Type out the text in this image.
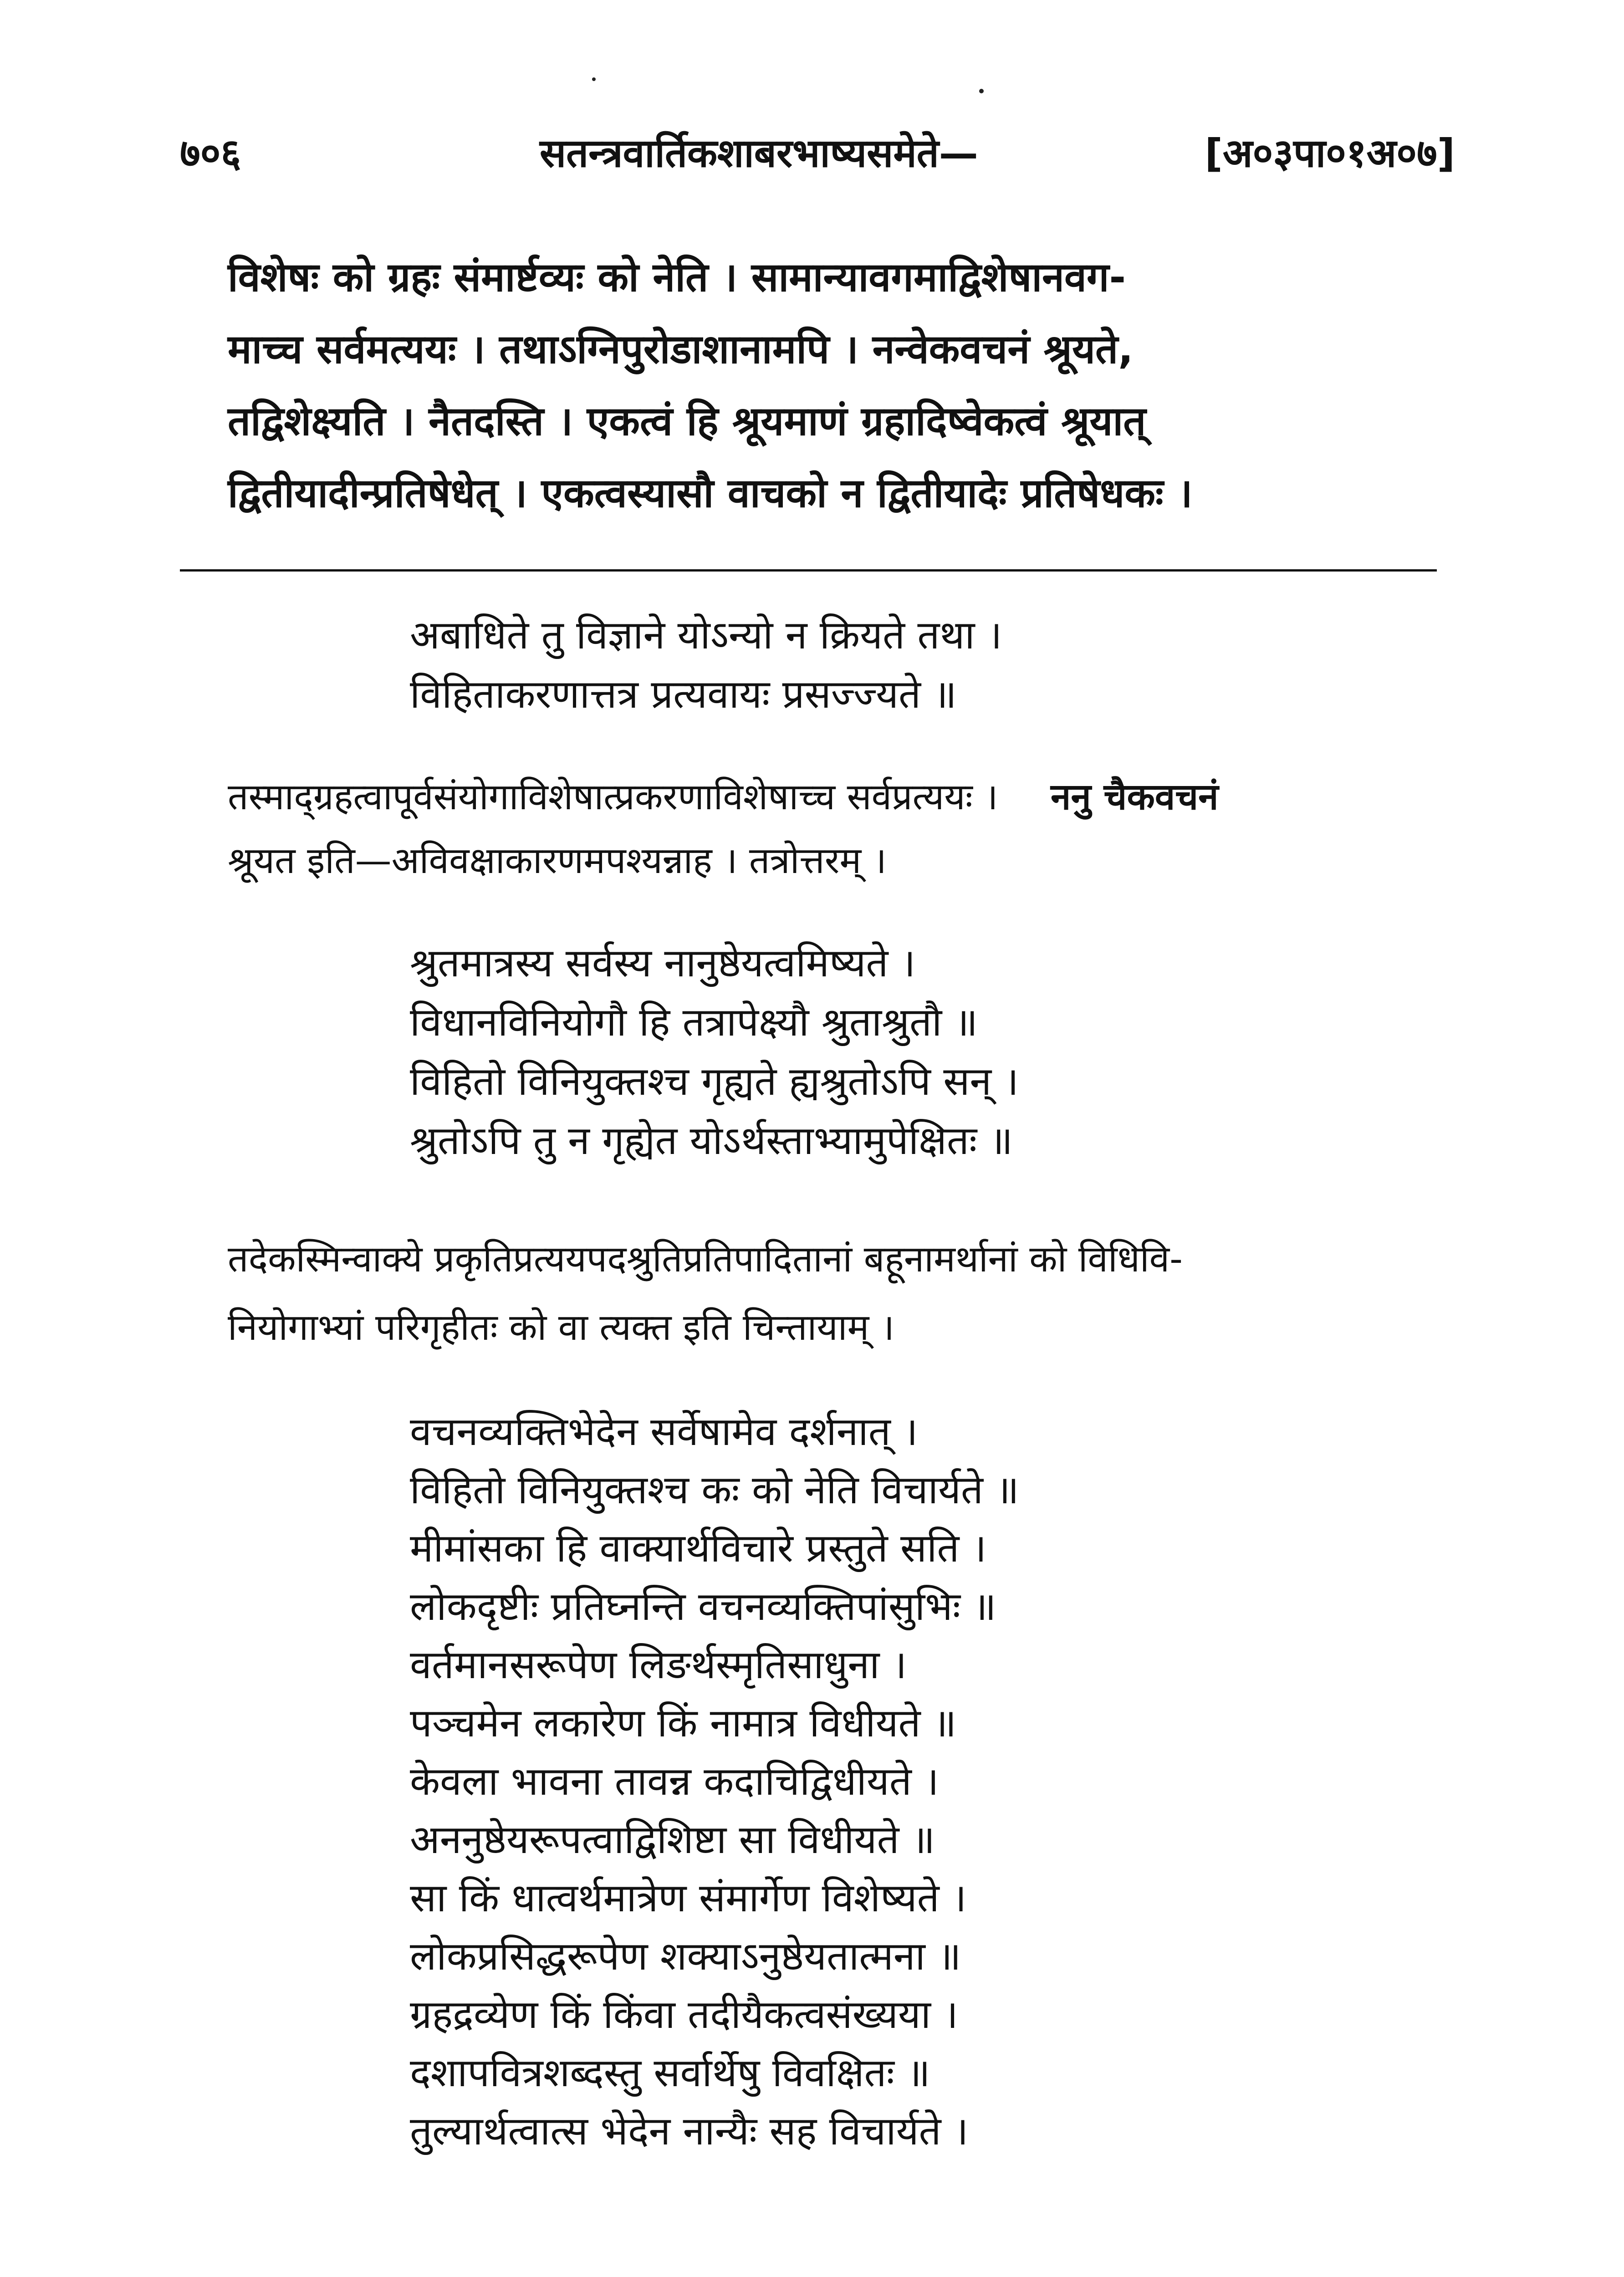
७०६	सतन्त्रवार्तिकशाबरभाष्यसमेते—	[अ०३पा०१अ०७]
विशेषः को ग्रहः संमार्ष्टव्यः को नेति । सामान्यावगमाद्विशेषानवग-
माच्च सर्वमत्ययः । तथाऽग्निपुरोडाशानामपि । नन्वेकवचनं श्रूयते,
तद्विशेक्ष्यति । नैतदस्ति । एकत्वं हि श्रूयमाणं ग्रहादिष्वेकत्वं श्रूयात्
द्वितीयादीन्प्रतिषेधेत् । एकत्वस्यासौ वाचको न द्वितीयादेः प्रतिषेधकः ।
अबाधिते तु विज्ञाने योऽन्यो न क्रियते तथा ।
विहिताकरणात्तत्र प्रत्यवायः प्रसज्ज्यते ॥
तस्माद्ग्रहत्वापूर्वसंयोगाविशेषात्प्रकरणाविशेषाच्च सर्वप्रत्ययः । ननु चैकवचनं
श्रूयत इति—अविवक्षाकारणमपश्यन्नाह । तत्रोत्तरम् ।
श्रुतमात्रस्य सर्वस्य नानुष्ठेयत्वमिष्यते ।
विधानविनियोगौ हि तत्रापेक्ष्यौ श्रुताश्रुतौ ॥
विहितो विनियुक्तश्च गृह्यते ह्यश्रुतोऽपि सन् ।
श्रुतोऽपि तु न गृह्येत योऽर्थस्ताभ्यामुपेक्षितः ॥
तदेकस्मिन्वाक्ये प्रकृतिप्रत्ययपदश्रुतिप्रतिपादितानां बहूनामर्थानां को विधिवि-
नियोगाभ्यां परिगृहीतः को वा त्यक्त इति चिन्तायाम् ।
वचनव्यक्तिभेदेन सर्वेषामेव दर्शनात् ।
विहितो विनियुक्तश्च कः को नेति विचार्यते ॥
मीमांसका हि वाक्यार्थविचारे प्रस्तुते सति ।
लोकदृष्टीः प्रतिघ्नन्ति वचनव्यक्तिपांसुभिः ॥
वर्तमानसरूपेण लिङर्थस्मृतिसाधुना ।
पञ्चमेन लकारेण किं नामात्र विधीयते ॥
केवला भावना तावन्न कदाचिद्विधीयते ।
अननुष्ठेयरूपत्वाद्विशिष्टा सा विधीयते ॥
सा किं धात्वर्थमात्रेण संमार्गेण विशेष्यते ।
लोकप्रसिद्धरूपेण शक्याऽनुष्ठेयतात्मना ॥
ग्रहद्रव्येण किं किंवा तदीयैकत्वसंख्यया ।
दशापवित्रशब्दस्तु सर्वार्थेषु विवक्षितः ॥
तुल्यार्थत्वात्स भेदेन नान्यैः सह विचार्यते ।
